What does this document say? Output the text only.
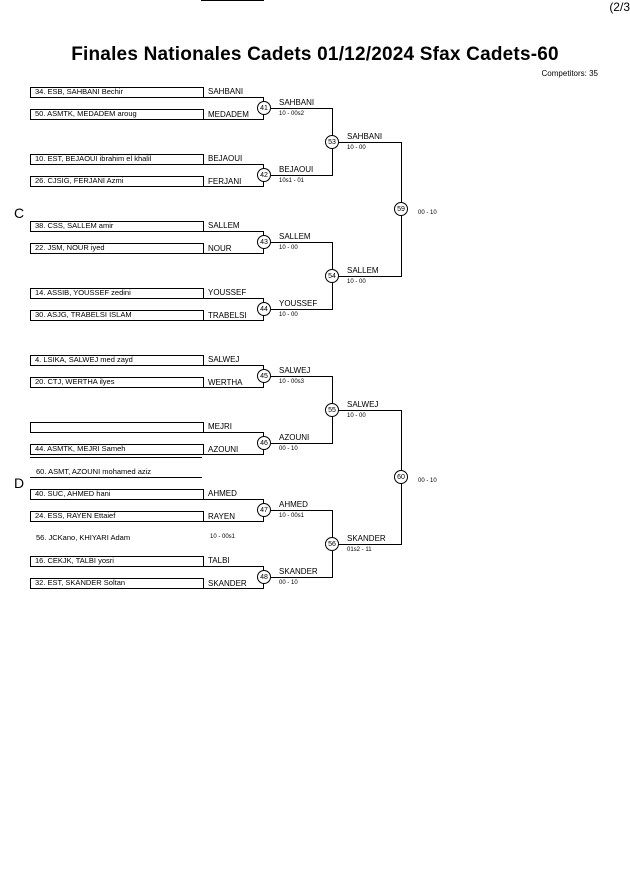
(2/3
Finales Nationales Cadets 01/12/2024 Sfax Cadets-60
Competitors: 35
C
D
34. ESB, SAHBANI Bechir
50. ASMTK, MEDADEM aroug
SAHBANI
MEDADEM
10. EST, BEJAOUI ibrahim el khalil
26. CJSIG, FERJANI Azmi
BEJAOUI
FERJANI
38. CSS, SALLEM amir
22. JSM, NOUR iyed
SALLEM
NOUR
14. ASSIB, YOUSSEF zedini
30. ASJG, TRABELSI ISLAM
YOUSSEF
TRABELSI
4. LSIKA, SALWEJ med zayd
20. CTJ, WERTHA ilyes
SALWEJ
WERTHA
44. ASMTK, MEJRI Sameh
MEJRI
AZOUNI
60. ASMT, AZOUNI mohamed aziz
40. SUC, AHMED hani
24. ESS, RAYEN Ettaief
AHMED
RAYEN
56. JCKano, KHIYARI Adam	10 - 00s1
16. CEKJK, TALBI yosri
32. EST, SKANDER Soltan
TALBI
SKANDER
41
SAHBANI
10 - 00s2
42
BEJAOUI
10s1 - 01
43
SALLEM
10 - 00
44
YOUSSEF
10 - 00
45
SALWEJ
10 - 00s3
46
AZOUNI
00 - 10
47
AHMED
10 - 00s1
48
SKANDER
00 - 10
53
SAHBANI
10 - 00
54
SALLEM
10 - 00
55
SALWEJ
10 - 00
56
SKANDER
01s2 - 11
59	00 - 10
60	00 - 10
